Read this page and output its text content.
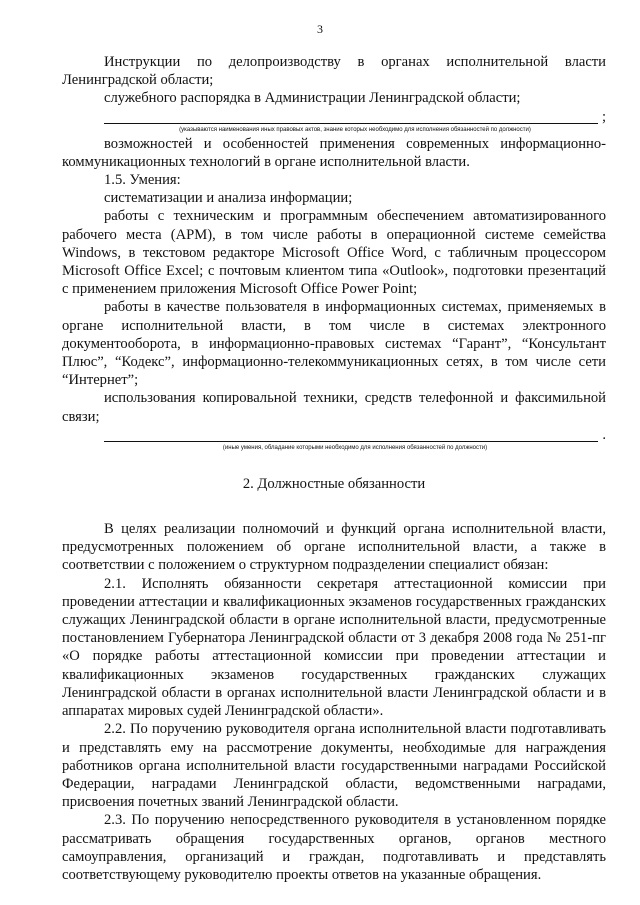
3

Инструкции по делопроизводству в органах исполнительной власти Ленинградской области;

служебного распорядка в Администрации Ленинградской области;

;
(указываются наименования иных правовых актов, знание которых необходимо для исполнения обязанностей по должности)

возможностей и особенностей применения современных информационно-коммуникационных технологий в органе исполнительной власти.

1.5. Умения:

систематизации и анализа информации;

работы с техническим и программным обеспечением автоматизированного рабочего места (АРМ), в том числе работы в операционной системе семейства Windows, в текстовом редакторе Microsoft Office Word, с табличным процессором Microsoft Office Excel; с почтовым клиентом типа «Outlook», подготовки презентаций с применением приложения Microsoft Office Power Point;

работы в качестве пользователя в информационных системах, применяемых в органе исполнительной власти, в том числе в системах электронного документооборота, в информационно-правовых системах “Гарант”, “Консультант Плюс”, “Кодекс”, информационно-телекоммуникационных сетях, в том числе сети “Интернет”;

использования копировальной техники, средств телефонной и факсимильной связи;

.
(иные умения, обладание которыми необходимо для исполнения обязанностей по должности)
2. Должностные обязанности

В целях реализации полномочий и функций органа исполнительной власти, предусмотренных положением об органе исполнительной власти, а также в соответствии с положением о структурном подразделении специалист обязан:

2.1. Исполнять обязанности секретаря аттестационной комиссии при проведении аттестации и квалификационных экзаменов государственных гражданских служащих Ленинградской области в органе исполнительной власти, предусмотренные постановлением Губернатора Ленинградской области от 3 декабря 2008 года № 251-пг «О порядке работы аттестационной комиссии при проведении аттестации и квалификационных экзаменов государственных гражданских служащих Ленинградской области в органах исполнительной власти Ленинградской области и в аппаратах мировых судей Ленинградской области».

2.2. По поручению руководителя органа исполнительной власти подготавливать и представлять ему на рассмотрение документы, необходимые для награждения работников органа исполнительной власти государственными наградами Российской Федерации, наградами Ленинградской области, ведомственными наградами, присвоения почетных званий Ленинградской области.

2.3. По поручению непосредственного руководителя в установленном порядке рассматривать обращения государственных органов, органов местного самоуправления, организаций и граждан, подготавливать и представлять соответствующему руководителю проекты ответов на указанные обращения.
